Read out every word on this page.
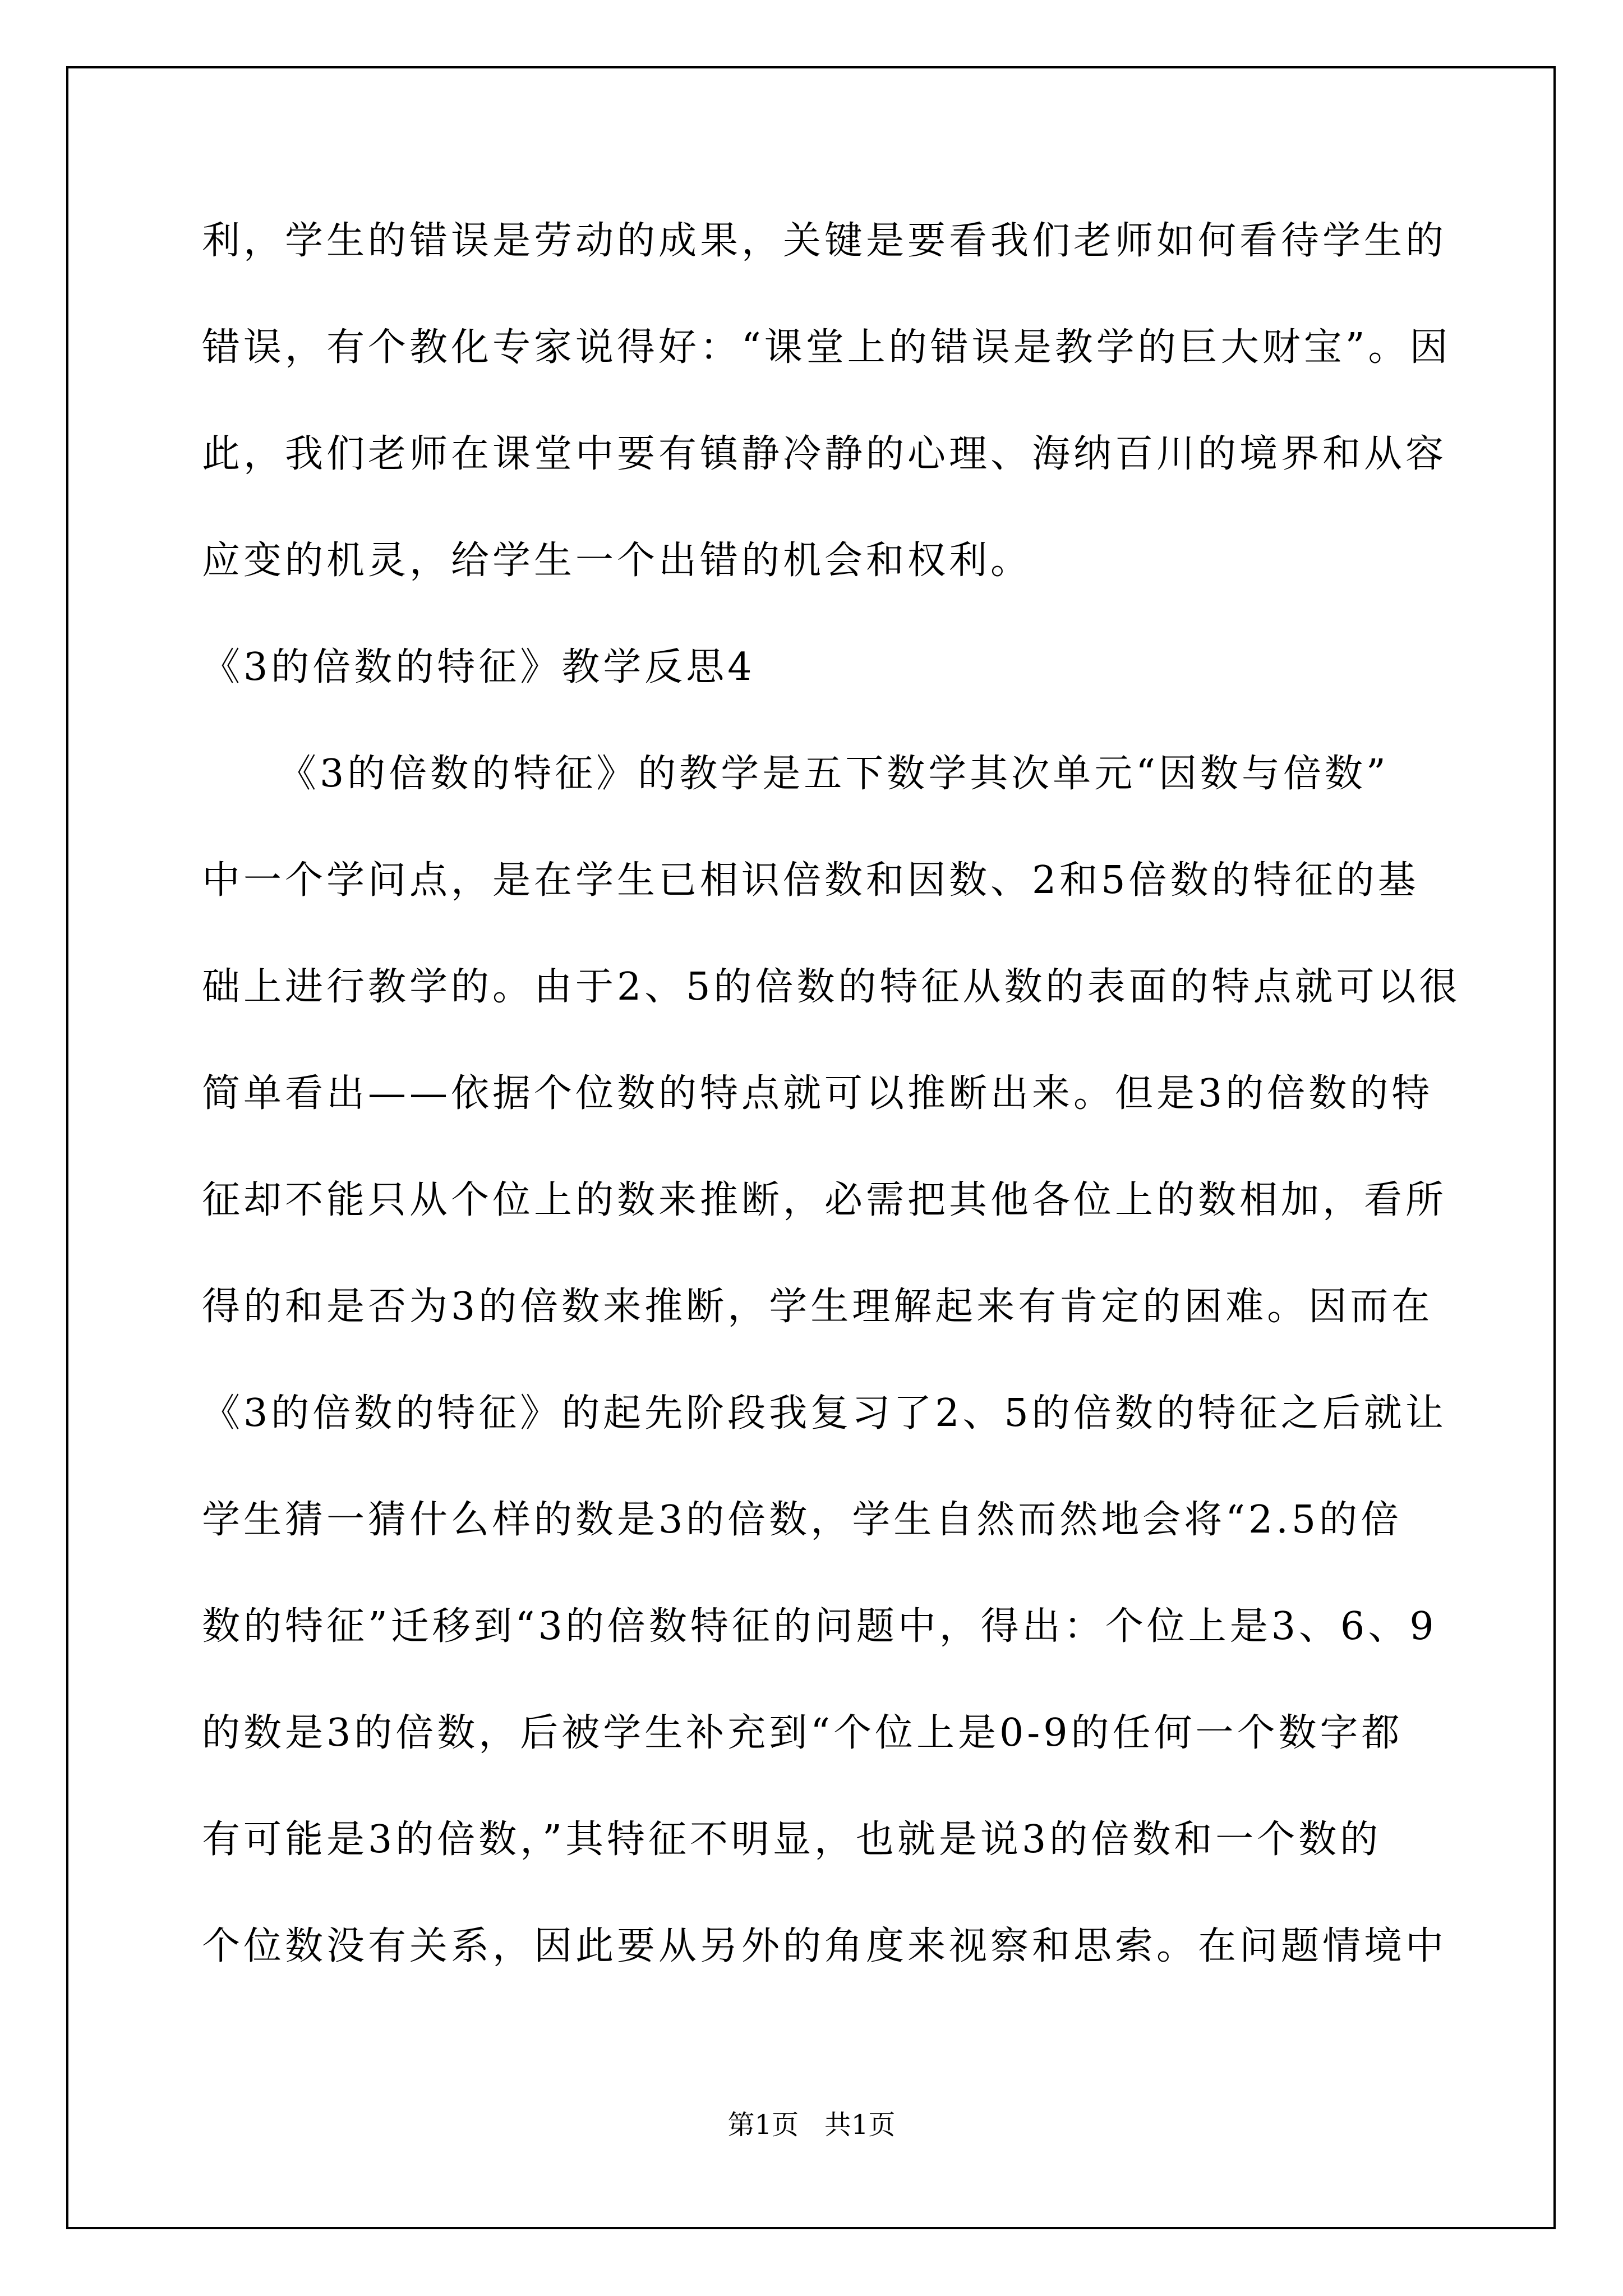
利，学生的错误是劳动的成果，关键是要看我们老师如何看待学生的
错误，有个教化专家说得好：“课堂上的错误是教学的巨大财宝”。因
此，我们老师在课堂中要有镇静冷静的心理、海纳百川的境界和从容
应变的机灵，给学生一个出错的机会和权利。
《3的倍数的特征》教学反思4
《3的倍数的特征》的教学是五下数学其次单元“因数与倍数”
中一个学问点，是在学生已相识倍数和因数、2和5倍数的特征的基
础上进行教学的。由于2、5的倍数的特征从数的表面的特点就可以很
简单看出——依据个位数的特点就可以推断出来。但是3的倍数的特
征却不能只从个位上的数来推断，必需把其他各位上的数相加，看所
得的和是否为3的倍数来推断，学生理解起来有肯定的困难。因而在
《3的倍数的特征》的起先阶段我复习了2、5的倍数的特征之后就让
学生猜一猜什么样的数是3的倍数，学生自然而然地会将“2.5的倍
数的特征”迁移到“3的倍数特征的问题中，得出：个位上是3、6、9
的数是3的倍数，后被学生补充到“个位上是0-9的任何一个数字都
有可能是3的倍数，”其特征不明显，也就是说3的倍数和一个数的
个位数没有关系，因此要从另外的角度来视察和思索。在问题情境中
第1页   共1页
